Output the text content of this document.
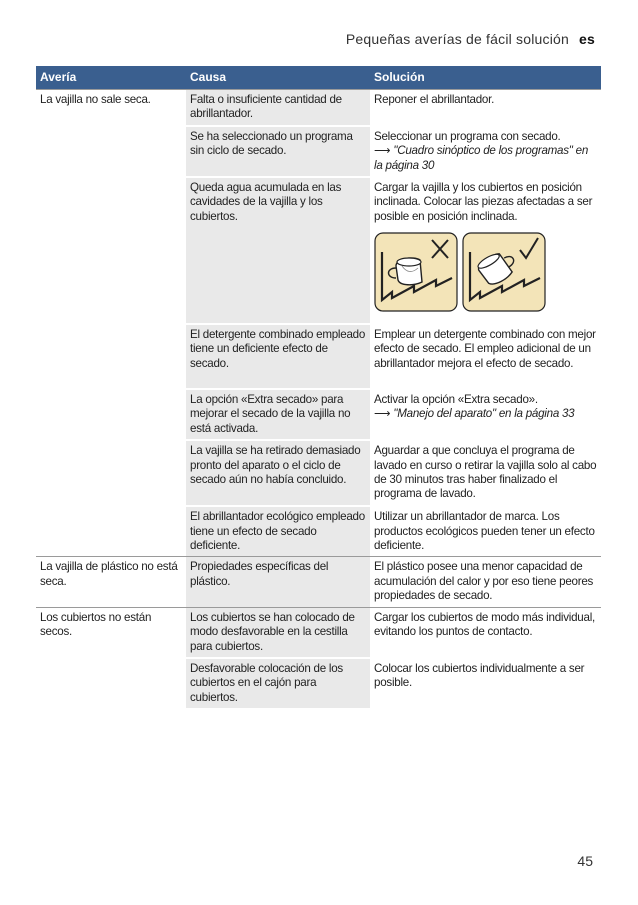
Pequeñas averías de fácil solución es
Avería	Causa	Solución
La vajilla no sale seca.	Falta o insuficiente cantidad de abrillantador.	Reponer el abrillantador.
	Se ha seleccionado un programa sin ciclo de secado.	Seleccionar un programa con secado.
⟶ "Cuadro sinóptico de los programas" en la página 30

	Queda agua acumulada en las cavidades de la vajilla y los cubiertos.	Cargar la vajilla y los cubiertos en posición inclinada. Colocar las piezas afectadas a ser posible en posición inclinada.

	El detergente combinado empleado tiene un deficiente efecto de secado.	Emplear un detergente combinado con mejor efecto de secado. El empleo adicional de un abrillantador mejora el efecto de secado.
	La opción «Extra secado» para mejorar el secado de la vajilla no está activada.	Activar la opción «Extra secado».
⟶ "Manejo del aparato" en la página 33

	La vajilla se ha retirado demasiado pronto del aparato o el ciclo de secado aún no había concluido.	Aguardar a que concluya el programa de lavado en curso o retirar la vajilla solo al cabo de 30 minutos tras haber finalizado el programa de lavado.
	El abrillantador ecológico empleado tiene un efecto de secado deficiente.	Utilizar un abrillantador de marca. Los productos ecológicos pueden tener un efecto deficiente.
La vajilla de plástico no está seca.	Propiedades específicas del plástico.	El plástico posee una menor capacidad de acumulación del calor y por eso tiene peores propiedades de secado.
Los cubiertos no están secos.	Los cubiertos se han colocado de modo desfavorable en la cestilla para cubiertos.	Cargar los cubiertos de modo más individual, evitando los puntos de contacto.
	Desfavorable colocación de los cubiertos en el cajón para cubiertos.	Colocar los cubiertos individualmente a ser posible.
45
